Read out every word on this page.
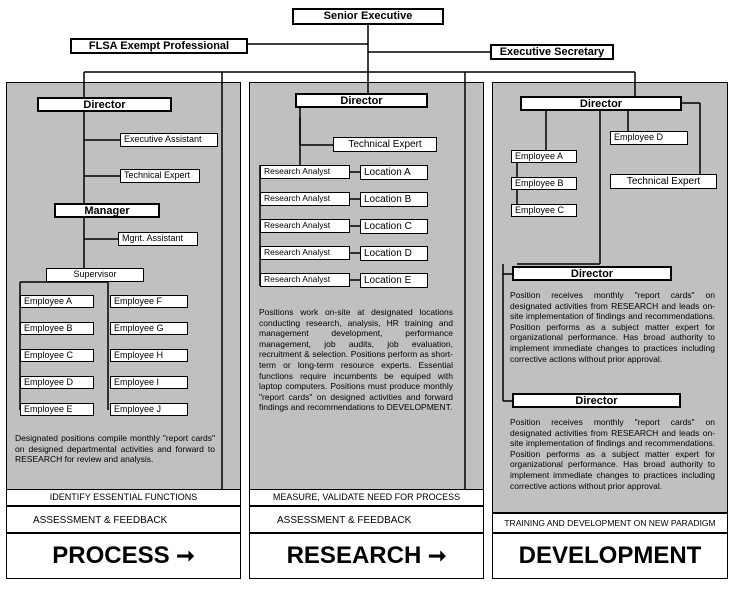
Senior Executive
FLSA Exempt Professional	Executive Secretary
Director
Executive Assistant
Technical Expert
Manager
Mgnt. Assistant
Supervisor
Employee A
Employee B
Employee C
Employee D
Employee E
Employee F
Employee G
Employee H
Employee I
Employee J
Designated positions compile monthly "report cards" on designed departmental activities and forward to RESEARCH for review and analysis.
IDENTIFY ESSENTIAL FUNCTIONS
ASSESSMENT & FEEDBACK
PROCESS ➞
Director
Technical Expert
Research Analyst
Research Analyst
Research Analyst
Research Analyst
Research Analyst
Location A
Location B
Location C
Location D
Location E
Positions work on-site at designated locations conducting research, analysis, HR training and management development, performance management, job audits, job evaluation, recruitment & selection. Positions perform as short-term or long-term resource experts. Essential functions require incumbents be equiped with laptop computers. Positions must produce monthly "report cards" on designed activities and forward findings and recommendations to DEVELOPMENT.
MEASURE, VALIDATE NEED FOR PROCESS
ASSESSMENT & FEEDBACK
RESEARCH ➞
Director
Employee D
Employee A
Employee B
Employee C
Technical Expert
Director
Position receives monthly "report cards" on designated activities from RESEARCH and leads on-site implementation of findings and recommendations. Position performs as a subject matter expert for organizational performance. Has broad authority to implement immediate changes to practices including corrective actions without prior approval.
Director
Position receives monthly "report cards" on designated activities from RESEARCH and leads on-site implementation of findings and recommendations. Position performs as a subject matter expert for organizational performance. Has broad authority to implement immediate changes to practices including corrective actions without prior approval.
TRAINING AND DEVELOPMENT ON NEW PARADIGM
DEVELOPMENT
